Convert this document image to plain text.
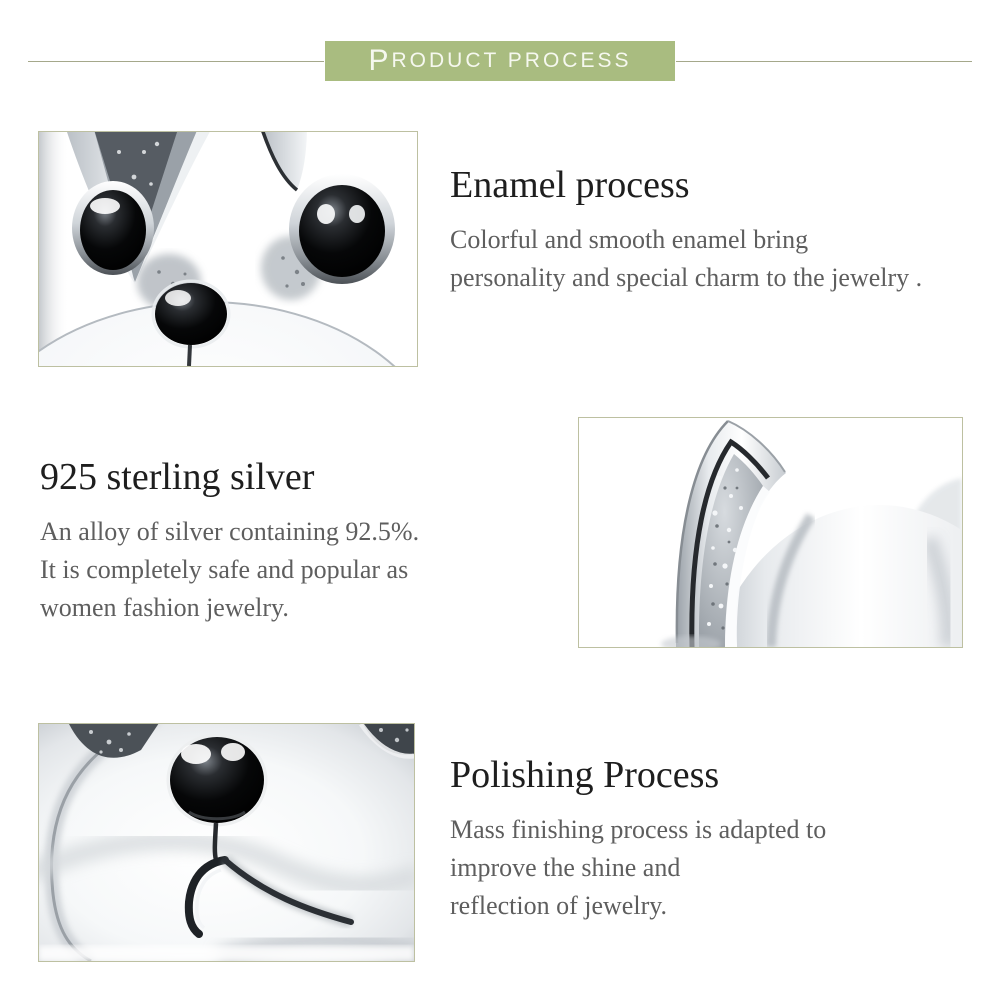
P RODUCT PROCESS
Enamel process
Colorful and smooth enamel bring
personality and special charm to the jewelry .
925 sterling silver
An alloy of silver containing 92.5%.
It is completely safe and popular as
women fashion jewelry.
Polishing Process
Mass finishing process is adapted to
improve the shine and
reflection of jewelry.
